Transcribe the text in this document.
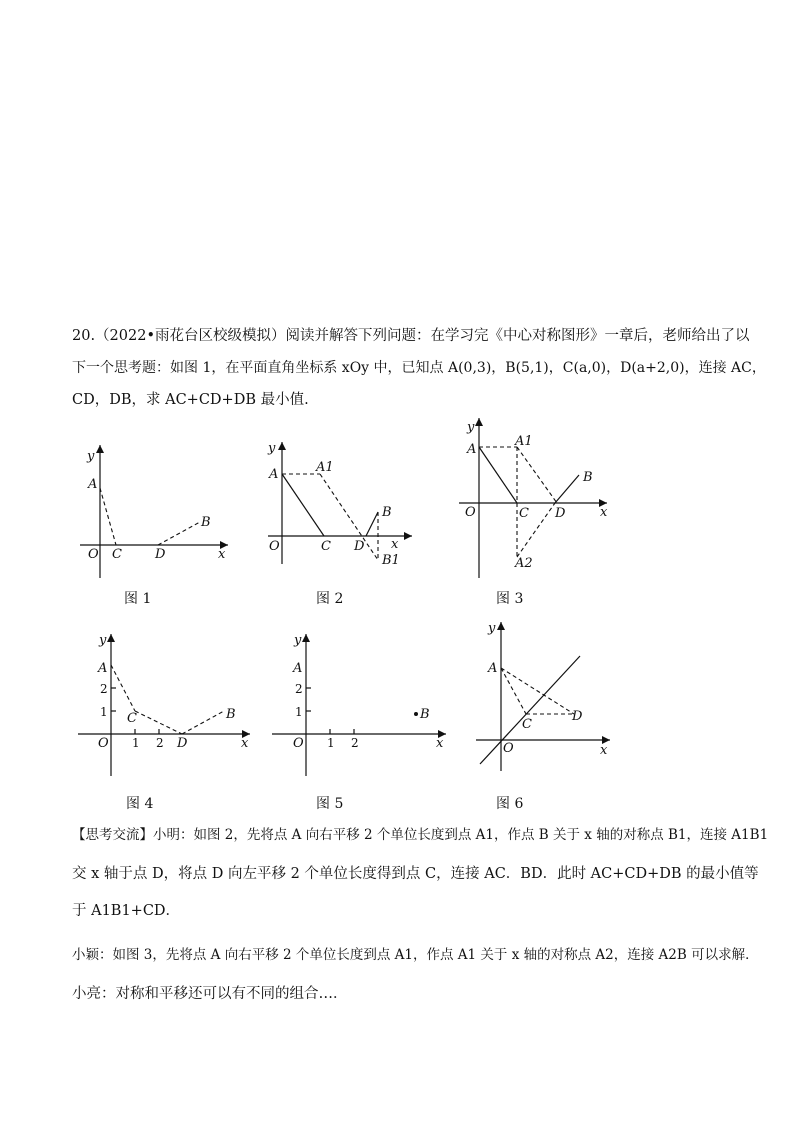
20.（2022•雨花台区校级模拟）阅读并解答下列问题：在学习完《中心对称图形》一章后，老师给出了以
下一个思考题：如图 1，在平面直角坐标系 xOy 中，已知点 A(0,3)，B(5,1)，C(a,0)，D(a+2,0)，连接 AC，
CD，DB，求 AC+CD+DB 最小值.
y
A
O C	D
B
x
图 1
y
A	A1
O	C D
B
x
B1
图 2
y
A
A1
O	C D
B
x
A2
图 3
y
A
2
1 C
O 1 2 D
B
x
图 4
y
A
2
1
O 1 2
B
x
图 5
y
A
C
D
O	x
图 6
【思考交流】小明：如图 2，先将点 A 向右平移 2 个单位长度到点 A1，作点 B 关于 x 轴的对称点 B1，连接 A1B1
交 x 轴于点 D，将点 D 向左平移 2 个单位长度得到点 C，连接 AC．BD．此时 AC+CD+DB 的最小值等
于 A1B1+CD．
小颖：如图 3，先将点 A 向右平移 2 个单位长度到点 A1，作点 A1 关于 x 轴的对称点 A2，连接 A2B 可以求解．
小亮：对称和平移还可以有不同的组合…．
